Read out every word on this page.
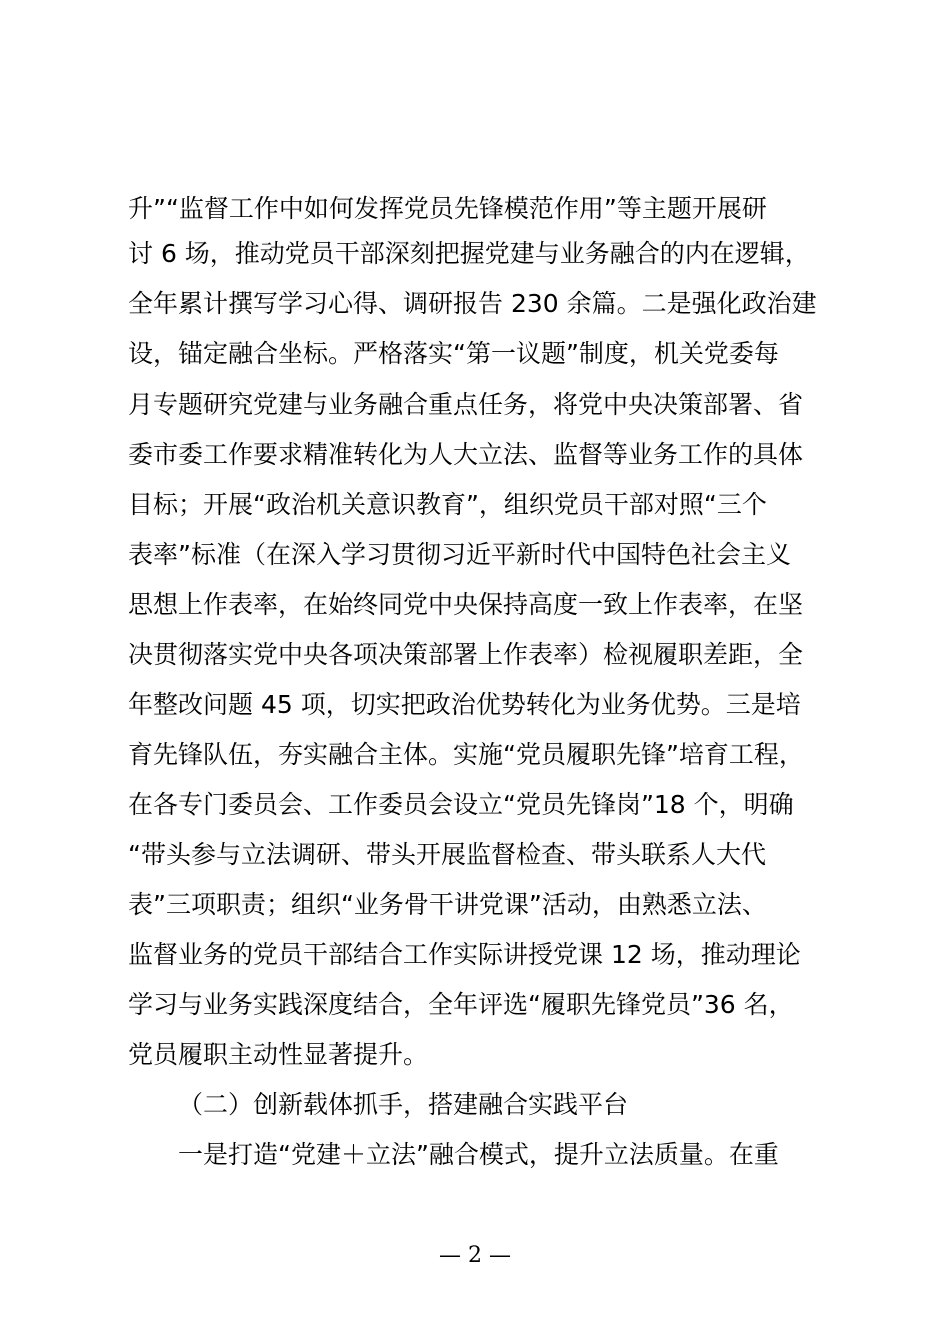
升”“监督工作中如何发挥党员先锋模范作用”等主题开展研
讨 6 场，推动党员干部深刻把握党建与业务融合的内在逻辑，
全年累计撰写学习心得、调研报告 230 余篇。二是强化政治建
设，锚定融合坐标。严格落实“第一议题”制度，机关党委每
月专题研究党建与业务融合重点任务，将党中央决策部署、省
委市委工作要求精准转化为人大立法、监督等业务工作的具体
目标；开展“政治机关意识教育”，组织党员干部对照“三个
表率”标准（在深入学习贯彻习近平新时代中国特色社会主义
思想上作表率，在始终同党中央保持高度一致上作表率，在坚
决贯彻落实党中央各项决策部署上作表率）检视履职差距，全
年整改问题 45 项，切实把政治优势转化为业务优势。三是培
育先锋队伍，夯实融合主体。实施“党员履职先锋”培育工程，
在各专门委员会、工作委员会设立“党员先锋岗”18 个，明确
“带头参与立法调研、带头开展监督检查、带头联系人大代
表”三项职责；组织“业务骨干讲党课”活动，由熟悉立法、
监督业务的党员干部结合工作实际讲授党课 12 场，推动理论
学习与业务实践深度结合，全年评选“履职先锋党员”36 名，
党员履职主动性显著提升。
（二）创新载体抓手，搭建融合实践平台
一是打造“党建＋立法”融合模式，提升立法质量。在重
— 2 —
